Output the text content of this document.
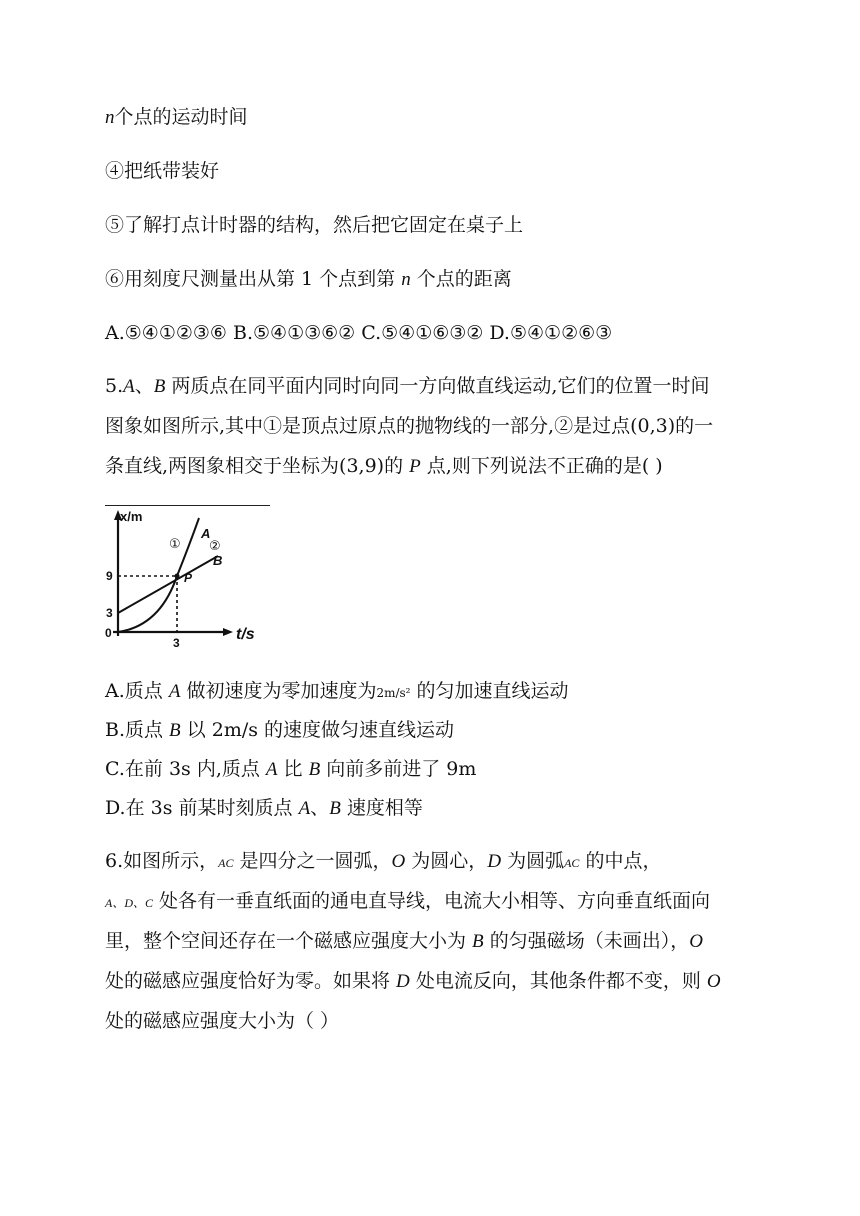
n个点的运动时间
④把纸带装好
⑤了解打点计时器的结构，然后把它固定在桌子上
⑥用刻度尺测量出从第 1 个点到第 n 个点的距离
A.⑤④①②③⑥ B.⑤④①③⑥② C.⑤④①⑥③② D.⑤④①②⑥③
5.A、B 两质点在同平面内同时向同一方向做直线运动,它们的位置一时间
图象如图所示,其中①是顶点过原点的抛物线的一部分,②是过点(0,3)的一
条直线,两图象相交于坐标为(3,9)的 P 点,则下列说法不正确的是( )
x/m
t/s
0
3
9
3
① ②
A
B
P
A.质点 A 做初速度为零加速度为2m/s² 的匀加速直线运动
B.质点 B 以 2m/s 的速度做匀速直线运动
C.在前 3s 内,质点 A 比 B 向前多前进了 9m
D.在 3s 前某时刻质点 A、B 速度相等
6.如图所示，AC 是四分之一圆弧，O 为圆心，D 为圆弧AC 的中点，
A、D、C 处各有一垂直纸面的通电直导线，电流大小相等、方向垂直纸面向
里，整个空间还存在一个磁感应强度大小为 B 的匀强磁场（未画出），O
处的磁感应强度恰好为零。如果将 D 处电流反向，其他条件都不变，则 O
处的磁感应强度大小为（ ）
